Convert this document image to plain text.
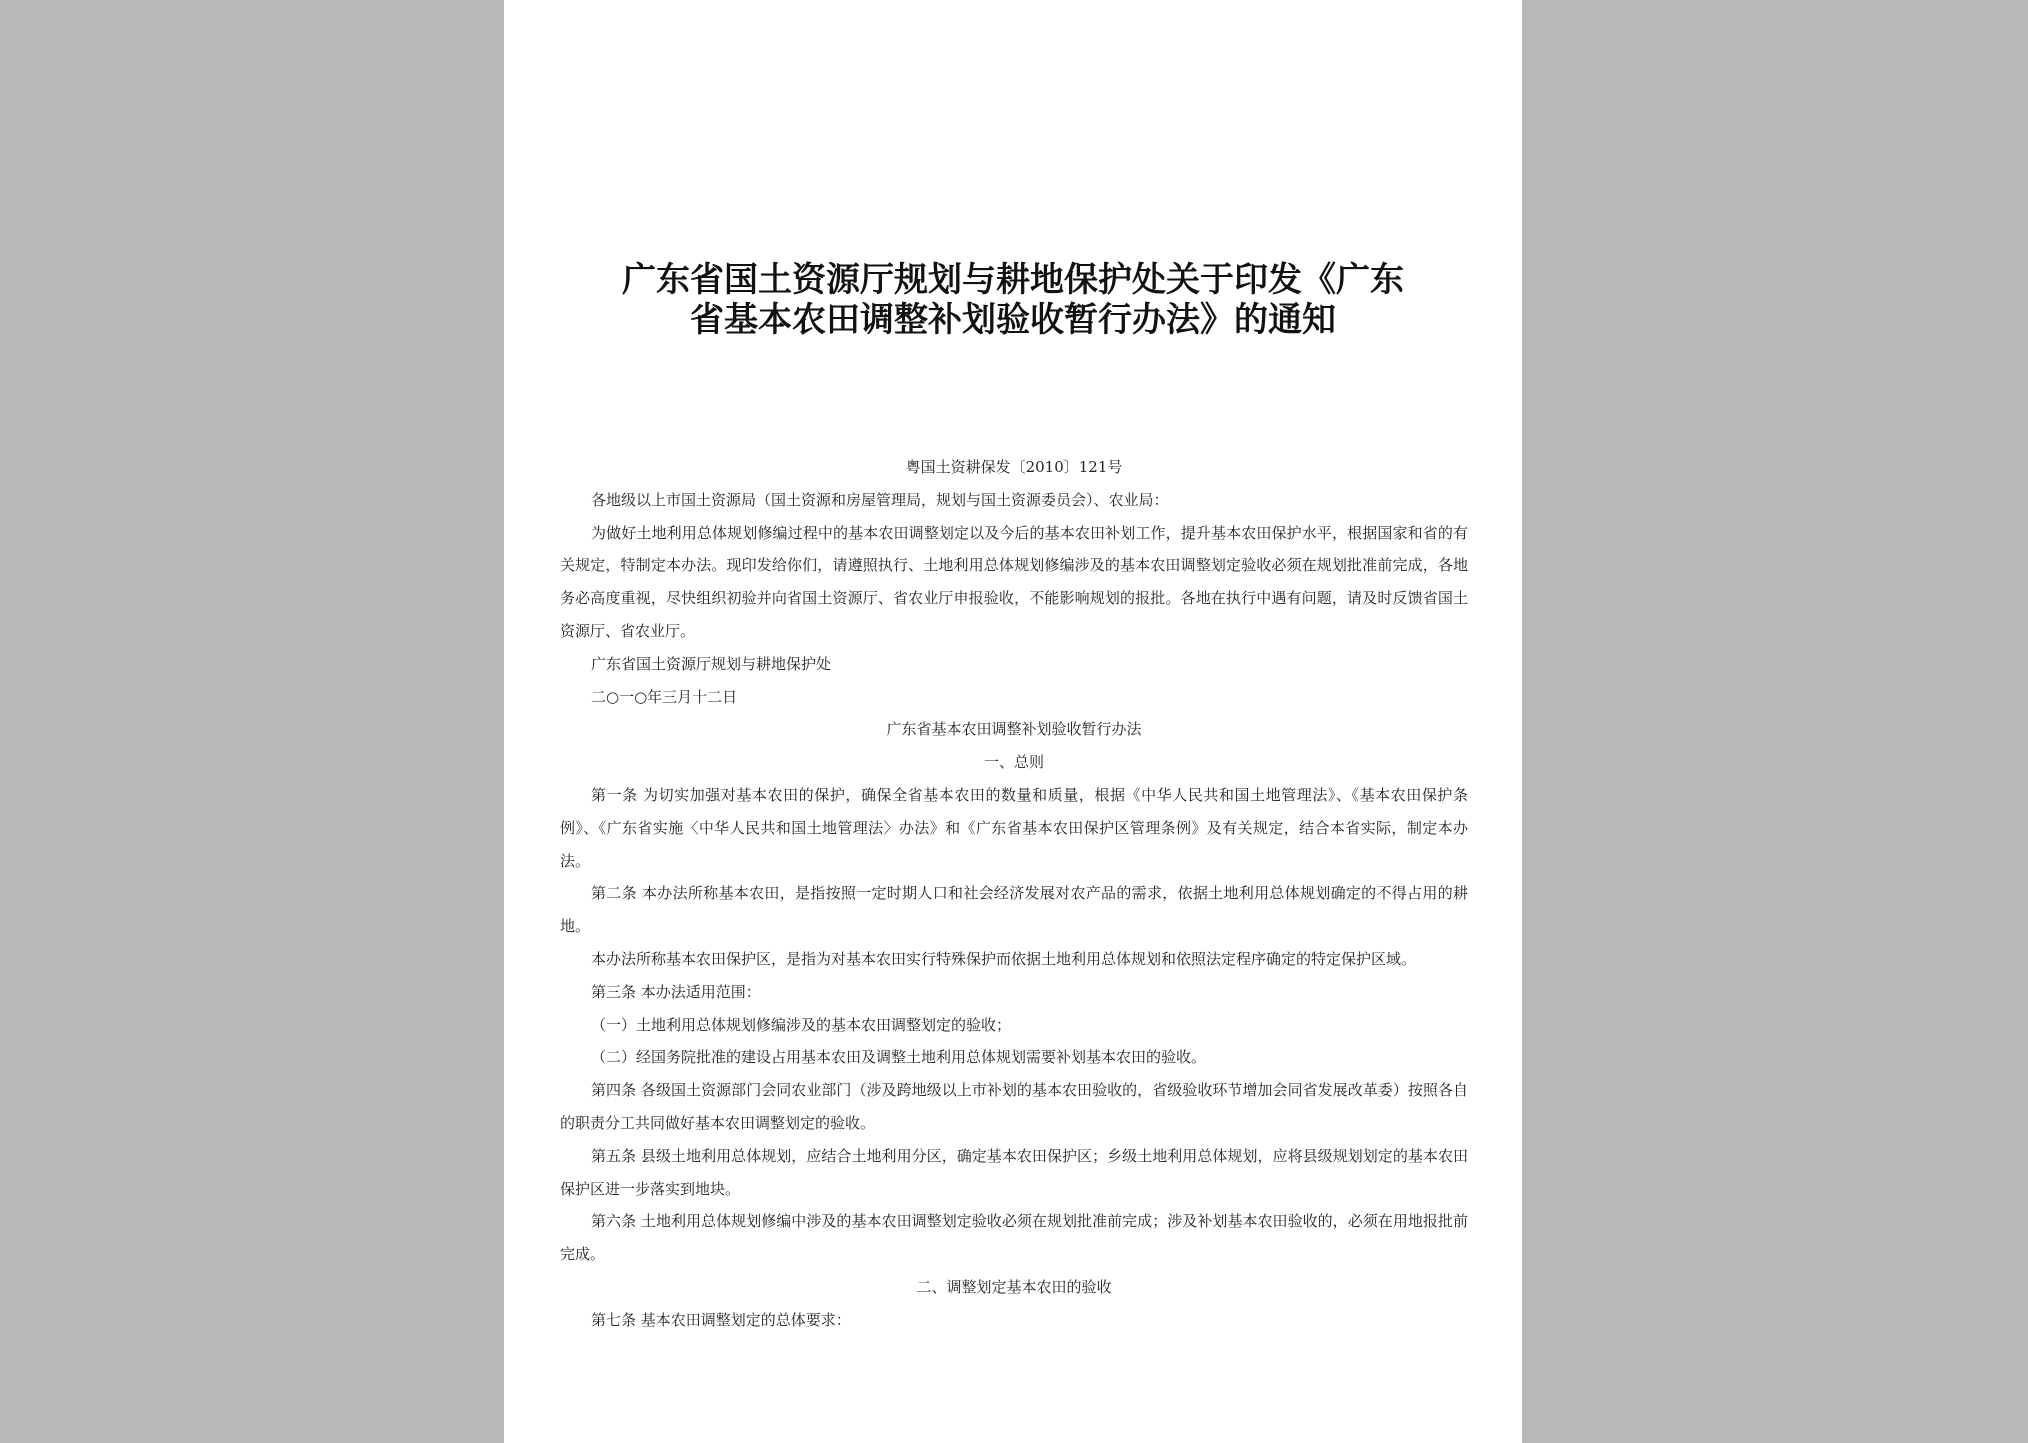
广东省国土资源厅规划与耕地保护处关于印发《广东
省基本农田调整补划验收暂行办法》的通知

粤国土资耕保发〔2010〕121号

各地级以上市国土资源局（国土资源和房屋管理局，规划与国土资源委员会）、农业局：

为做好土地利用总体规划修编过程中的基本农田调整划定以及今后的基本农田补划工作，提升基本农田保护水平，根据国家和省的有关规定，特制定本办法。现印发给你们，请遵照执行、土地利用总体规划修编涉及的基本农田调整划定验收必须在规划批准前完成，各地务必高度重视，尽快组织初验并向省国土资源厅、省农业厅申报验收，不能影响规划的报批。各地在执行中遇有问题，请及时反馈省国土资源厅、省农业厅。

广东省国土资源厅规划与耕地保护处

二○一○年三月十二日

广东省基本农田调整补划验收暂行办法

一、总则

第一条 为切实加强对基本农田的保护，确保全省基本农田的数量和质量，根据《中华人民共和国土地管理法》、《基本农田保护条例》、《广东省实施〈中华人民共和国土地管理法〉办法》和《广东省基本农田保护区管理条例》及有关规定，结合本省实际，制定本办法。

第二条 本办法所称基本农田，是指按照一定时期人口和社会经济发展对农产品的需求，依据土地利用总体规划确定的不得占用的耕地。

本办法所称基本农田保护区，是指为对基本农田实行特殊保护而依据土地利用总体规划和依照法定程序确定的特定保护区域。

第三条 本办法适用范围：

（一）土地利用总体规划修编涉及的基本农田调整划定的验收；

（二）经国务院批准的建设占用基本农田及调整土地利用总体规划需要补划基本农田的验收。

第四条 各级国土资源部门会同农业部门（涉及跨地级以上市补划的基本农田验收的，省级验收环节增加会同省发展改革委）按照各自的职责分工共同做好基本农田调整划定的验收。

第五条 县级土地利用总体规划，应结合土地利用分区，确定基本农田保护区；乡级土地利用总体规划，应将县级规划划定的基本农田保护区进一步落实到地块。

第六条 土地利用总体规划修编中涉及的基本农田调整划定验收必须在规划批准前完成；涉及补划基本农田验收的，必须在用地报批前完成。

二、调整划定基本农田的验收

第七条 基本农田调整划定的总体要求：
